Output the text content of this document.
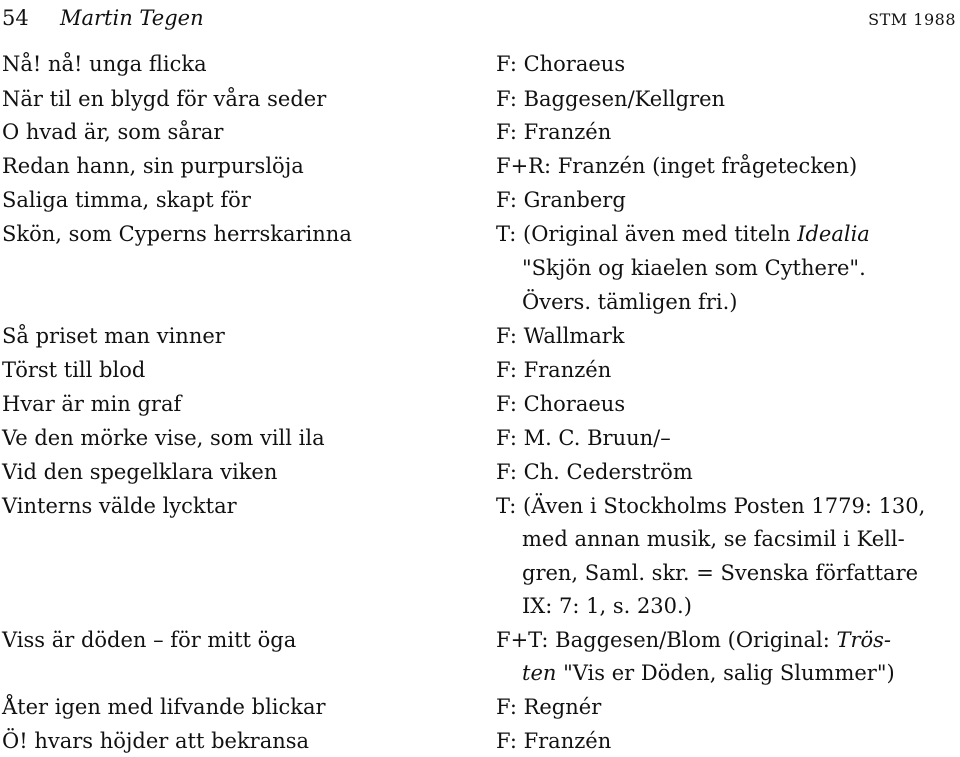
54 Martin Tegen	STM 1988
Nå! nå! unga flicka
När til en blygd för våra seder
O hvad är, som sårar
Redan hann, sin purpurslöja
Saliga timma, skapt för
Skön, som Cyperns herrskarinna
Så priset man vinner
Törst till blod
Hvar är min graf
Ve den mörke vise, som vill ila
Vid den spegelklara viken
Vinterns välde lycktar
Viss är döden – för mitt öga
Åter igen med lifvande blickar
Ö! hvars höjder att bekransa
F: Choraeus
F: Baggesen/Kellgren
F: Franzén
F+R: Franzén (inget frågetecken)
F: Granberg
T: (Original även med titeln Idealia
"Skjön og kiaelen som Cythere".
Övers. tämligen fri.)
F: Wallmark
F: Franzén
F: Choraeus
F: M. C. Bruun/–
F: Ch. Cederström
T: (Även i Stockholms Posten 1779: 130,
med annan musik, se facsimil i Kell-
gren, Saml. skr. = Svenska författare
IX: 7: 1, s. 230.)
F+T: Baggesen/Blom (Original: Trös-
ten "Vis er Döden, salig Slummer")
F: Regnér
F: Franzén
